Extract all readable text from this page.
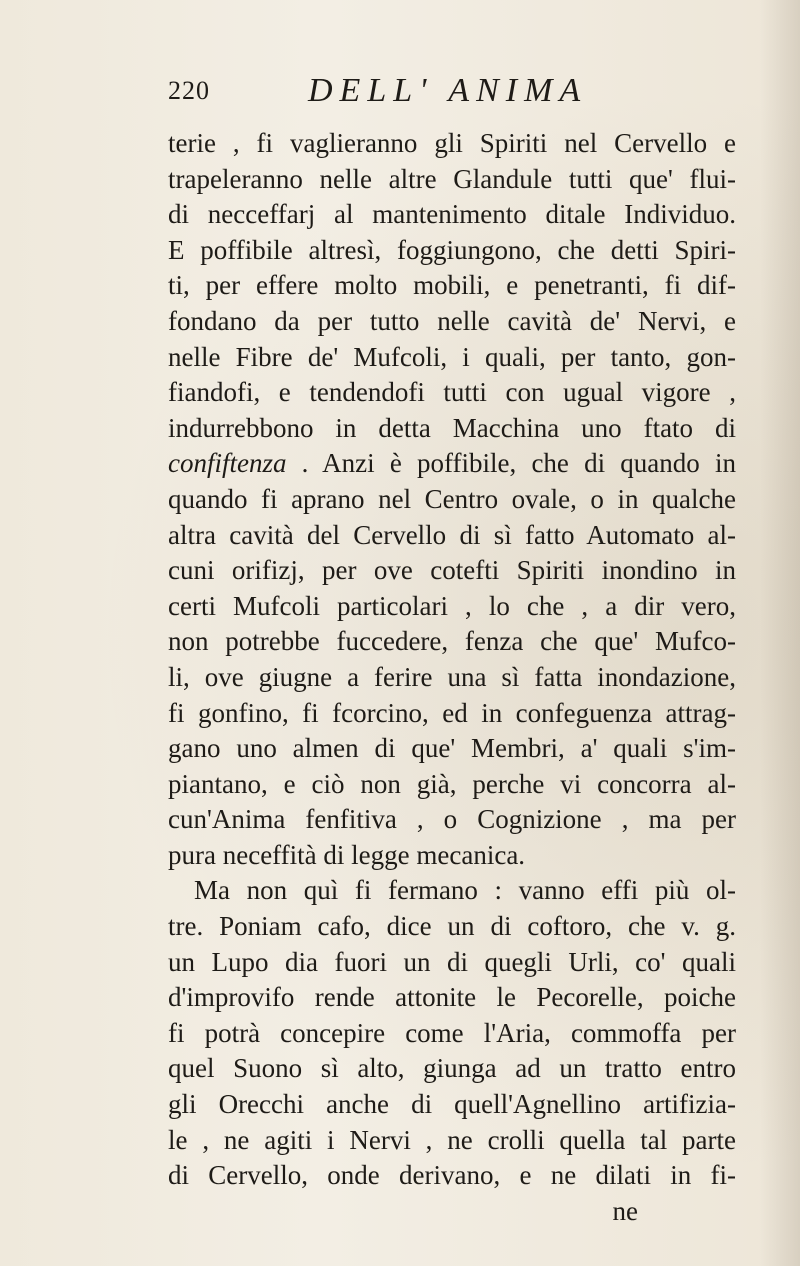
220	DELL' ANIMA
terie , fi vaglieranno gli Spiriti nel Cervello e
trapeleranno nelle altre Glandule tutti que' flui-
di necceffarj al mantenimento ditale Individuo.
E poffibile altresì, foggiungono, che detti Spiri-
ti, per effere molto mobili, e penetranti, fi dif-
fondano da per tutto nelle cavità de' Nervi, e
nelle Fibre de' Mufcoli, i quali, per tanto, gon-
fiandofi, e tendendofi tutti con ugual vigore ,
indurrebbono in detta Macchina uno ftato di
confiftenza . Anzi è poffibile, che di quando in
quando fi aprano nel Centro ovale, o in qualche
altra cavità del Cervello di sì fatto Automato al-
cuni orifizj, per ove cotefti Spiriti inondino in
certi Mufcoli particolari , lo che , a dir vero,
non potrebbe fuccedere, fenza che que' Mufco-
li, ove giugne a ferire una sì fatta inondazione,
fi gonfino, fi fcorcino, ed in confeguenza attrag-
gano uno almen di que' Membri, a' quali s'im-
piantano, e ciò non già, perche vi concorra al-
cun'Anima fenfitiva , o Cognizione , ma per
pura neceffità di legge mecanica.
Ma non quì fi fermano : vanno effi più ol-
tre. Poniam cafo, dice un di coftoro, che v. g.
un Lupo dia fuori un di quegli Urli, co' quali
d'improvifo rende attonite le Pecorelle, poiche
fi potrà concepire come l'Aria, commoffa per
quel Suono sì alto, giunga ad un tratto entro
gli Orecchi anche di quell'Agnellino artifizia-
le , ne agiti i Nervi , ne crolli quella tal parte
di Cervello, onde derivano, e ne dilati in fi-
ne
